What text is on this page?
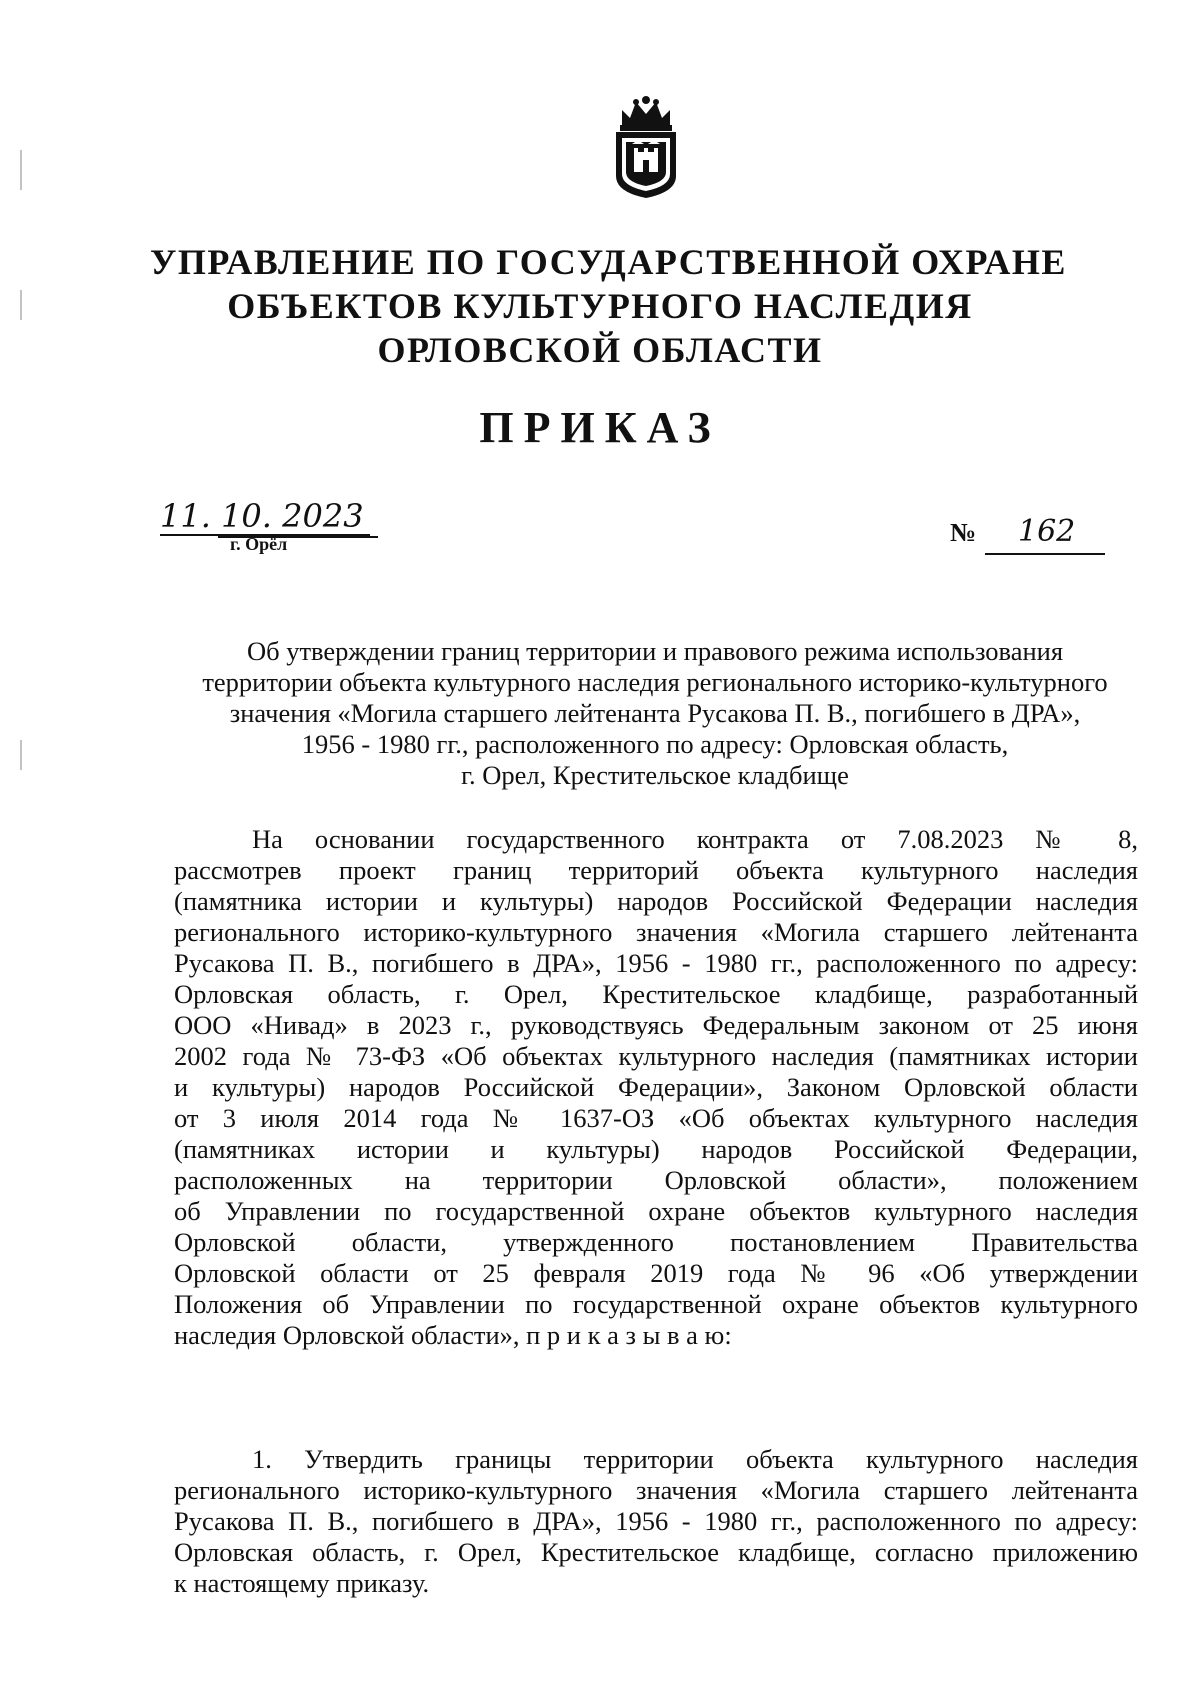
УПРАВЛЕНИЕ ПО ГОСУДАРСТВЕННОЙ ОХРАНЕ
ОБЪЕКТОВ КУЛЬТУРНОГО НАСЛЕДИЯ
ОРЛОВСКОЙ ОБЛАСТИ
ПРИКАЗ
11. 10. 2023
г. Орёл	№ 162
Об утверждении границ территории и правового режима использования
территории объекта культурного наследия регионального историко-культурного
значения «Могила старшего лейтенанта Русакова П. В., погибшего в ДРА»,
1956 - 1980 гг., расположенного по адресу: Орловская область,
г. Орел, Крестительское кладбище
На основании государственного контракта от 7.08.2023 № 8,
рассмотрев проект границ территорий объекта культурного наследия
(памятника истории и культуры) народов Российской Федерации наследия
регионального историко-культурного значения «Могила старшего лейтенанта
Русакова П. В., погибшего в ДРА», 1956 - 1980 гг., расположенного по адресу:
Орловская область, г. Орел, Крестительское кладбище, разработанный
ООО «Нивад» в 2023 г., руководствуясь Федеральным законом от 25 июня
2002 года № 73-ФЗ «Об объектах культурного наследия (памятниках истории
и культуры) народов Российской Федерации», Законом Орловской области
от 3 июля 2014 года № 1637-ОЗ «Об объектах культурного наследия
(памятниках истории и культуры) народов Российской Федерации,
расположенных на территории Орловской области», положением
об Управлении по государственной охране объектов культурного наследия
Орловской области, утвержденного постановлением Правительства
Орловской области от 25 февраля 2019 года № 96 «Об утверждении
Положения об Управлении по государственной охране объектов культурного
наследия Орловской области», п р и к а з ы в а ю:
1. Утвердить границы территории объекта культурного наследия
регионального историко-культурного значения «Могила старшего лейтенанта
Русакова П. В., погибшего в ДРА», 1956 - 1980 гг., расположенного по адресу:
Орловская область, г. Орел, Крестительское кладбище, согласно приложению
к настоящему приказу.
